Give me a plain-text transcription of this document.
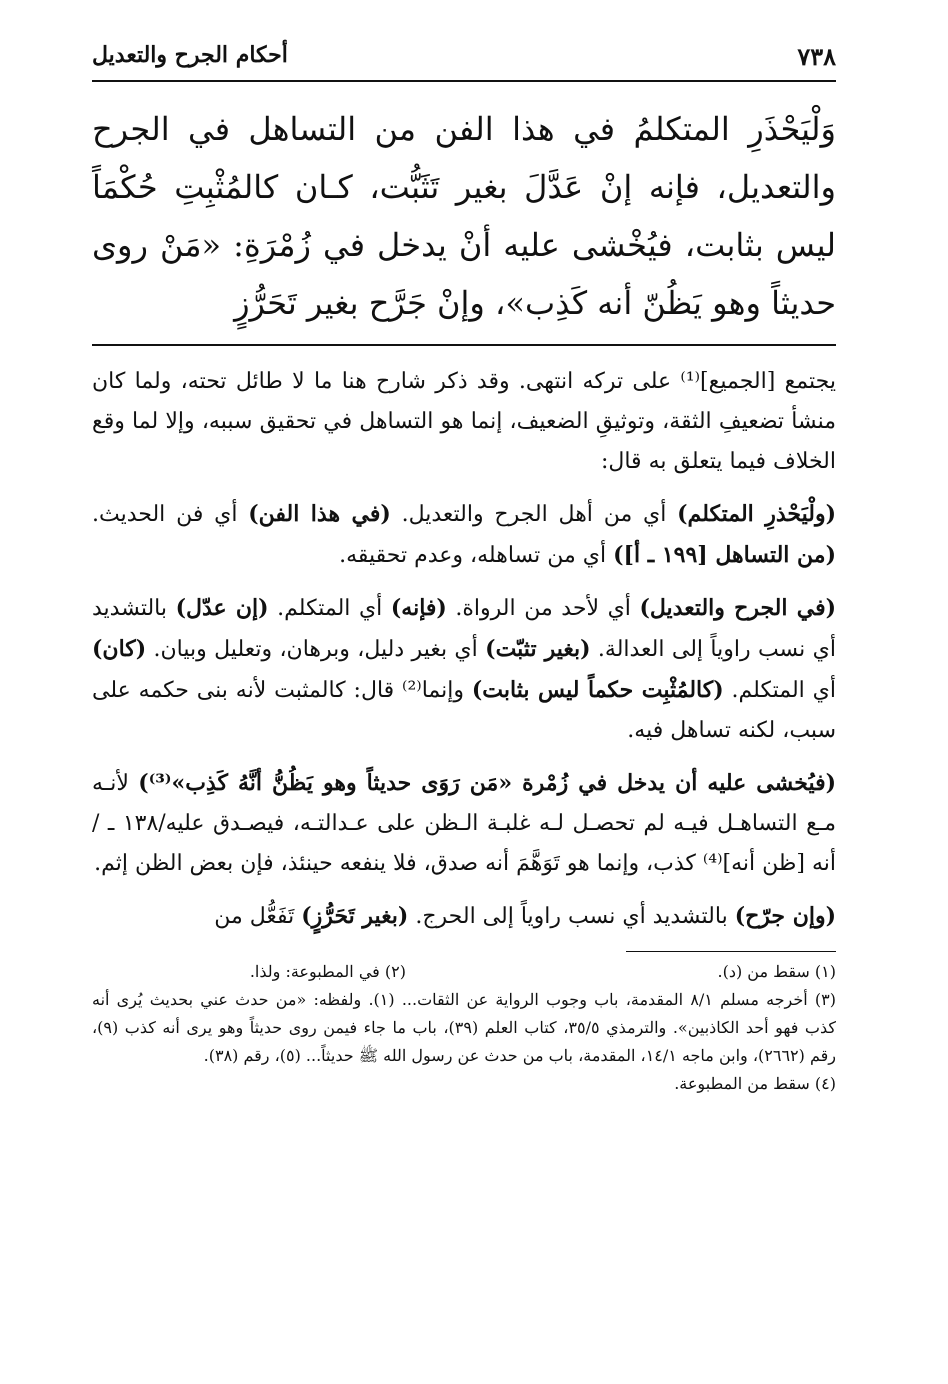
٧٣٨
أحكام الجرح والتعديل
وَلْيَحْذَرِ المتكلمُ في هذا الفن من التساهل في الجرح والتعديل، فإنه إنْ عَدَّلَ بغير تَثَبُّت، كـان كالمُثْبِتِ حُكْمَاً ليس بثابت، فيُخْشى عليه أنْ يدخل في زُمْرَةِ: «مَنْ روى حديثاً وهو يَظُنّ أنه كَذِب»، وإنْ جَرَّح بغير تَحَرُّزٍ

يجتمع [الجميع]⁽¹⁾ على تركه انتهى. وقد ذكر شارح هنا ما لا طائل تحته، ولما كان منشأ تضعيفِ الثقة، وتوثيقِ الضعيف، إنما هو التساهل في تحقيق سببه، وإلا لما وقع الخلاف فيما يتعلق به قال:

(ولْيَحْذرِ المتكلم) أي من أهل الجرح والتعديل. (في هذا الفن) أي فن الحديث. (من التساهل [١٩٩ ـ أ]) أي من تساهله، وعدم تحقيقه.

(في الجرح والتعديل) أي لأحد من الرواة. (فإنه) أي المتكلم. (إن عدّل) بالتشديد أي نسب راوياً إلى العدالة. (بغير تثبّت) أي بغير دليل، وبرهان، وتعليل وبيان. (كان) أي المتكلم. (كالمُثْبِت حكماً ليس بثابت) وإنما⁽²⁾ قال: كالمثبت لأنه بنى حكمه على سبب، لكنه تساهل فيه.

(فيُخشى عليه أن يدخل في زُمْرة «مَن رَوَى حديثاً وهو يَظُنُّ أنَّهُ كَذِب»⁽³⁾) لأنـه مـع التساهـل فيـه لم تحصـل لـه غلبـة الـظن على عـدالتـه، فيصـدق عليه/١٣٨ ـ / أنه [ظن أنه]⁽⁴⁾ كذب، وإنما هو تَوَهَّمَ أنه صدق، فلا ينفعه حينئذ، فإن بعض الظن إثم.

(وإن جرّح) بالتشديد أي نسب راوياً إلى الحرج. (بغير تَحَرُّزٍ) تَفَعُّل من

(١) سقط من (د).
(٢) في المطبوعة: ولذا.

(٣) أخرجه مسلم ٨/١ المقدمة، باب وجوب الرواية عن الثقات... (١). ولفظه: «من حدث عني بحديث يُرى أنه كذب فهو أحد الكاذبين». والترمذي ٣٥/٥، كتاب العلم (٣٩)، باب ما جاء فيمن روى حديثاً وهو يرى أنه كذب (٩)، رقم (٢٦٦٢)، وابن ماجه ١٤/١، المقدمة، باب من حدث عن رسول الله ﷺ حديثاً... (٥)، رقم (٣٨).

(٤) سقط من المطبوعة.
